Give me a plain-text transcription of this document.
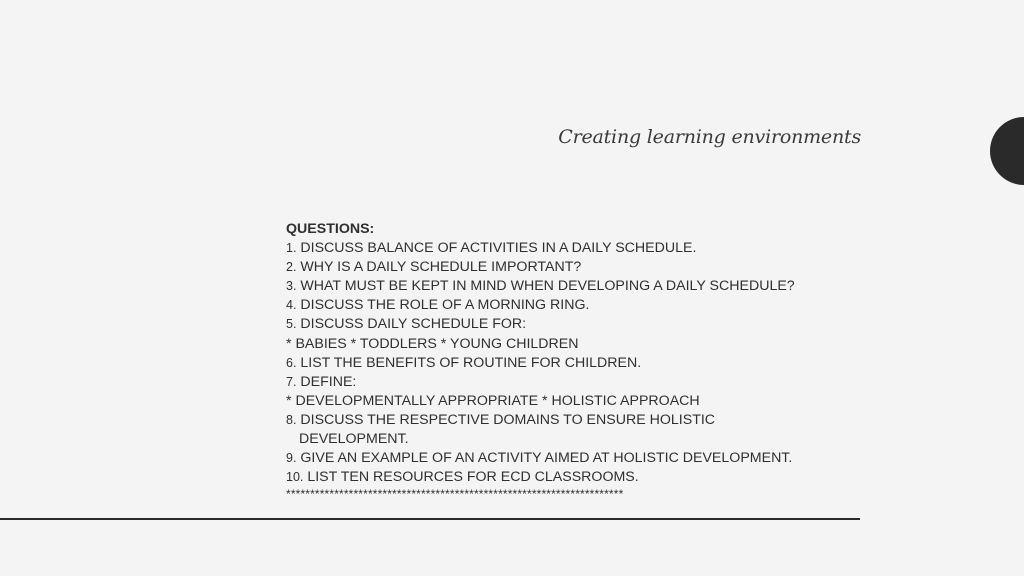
Creating learning environments
QUESTIONS:
1. DISCUSS BALANCE OF ACTIVITIES IN A DAILY SCHEDULE.
2. WHY IS A DAILY SCHEDULE IMPORTANT?
3. WHAT MUST BE KEPT IN MIND WHEN DEVELOPING A DAILY SCHEDULE?
4. DISCUSS THE ROLE OF A MORNING RING.
5. DISCUSS DAILY SCHEDULE FOR:
* BABIES * TODDLERS * YOUNG CHILDREN
6. LIST THE BENEFITS OF ROUTINE FOR CHILDREN.
7. DEFINE:
* DEVELOPMENTALLY APPROPRIATE * HOLISTIC APPROACH
8. DISCUSS THE RESPECTIVE DOMAINS TO ENSURE HOLISTIC
DEVELOPMENT.
9. GIVE AN EXAMPLE OF AN ACTIVITY AIMED AT HOLISTIC DEVELOPMENT.
10. LIST TEN RESOURCES FOR ECD CLASSROOMS.
**********************************************************************
